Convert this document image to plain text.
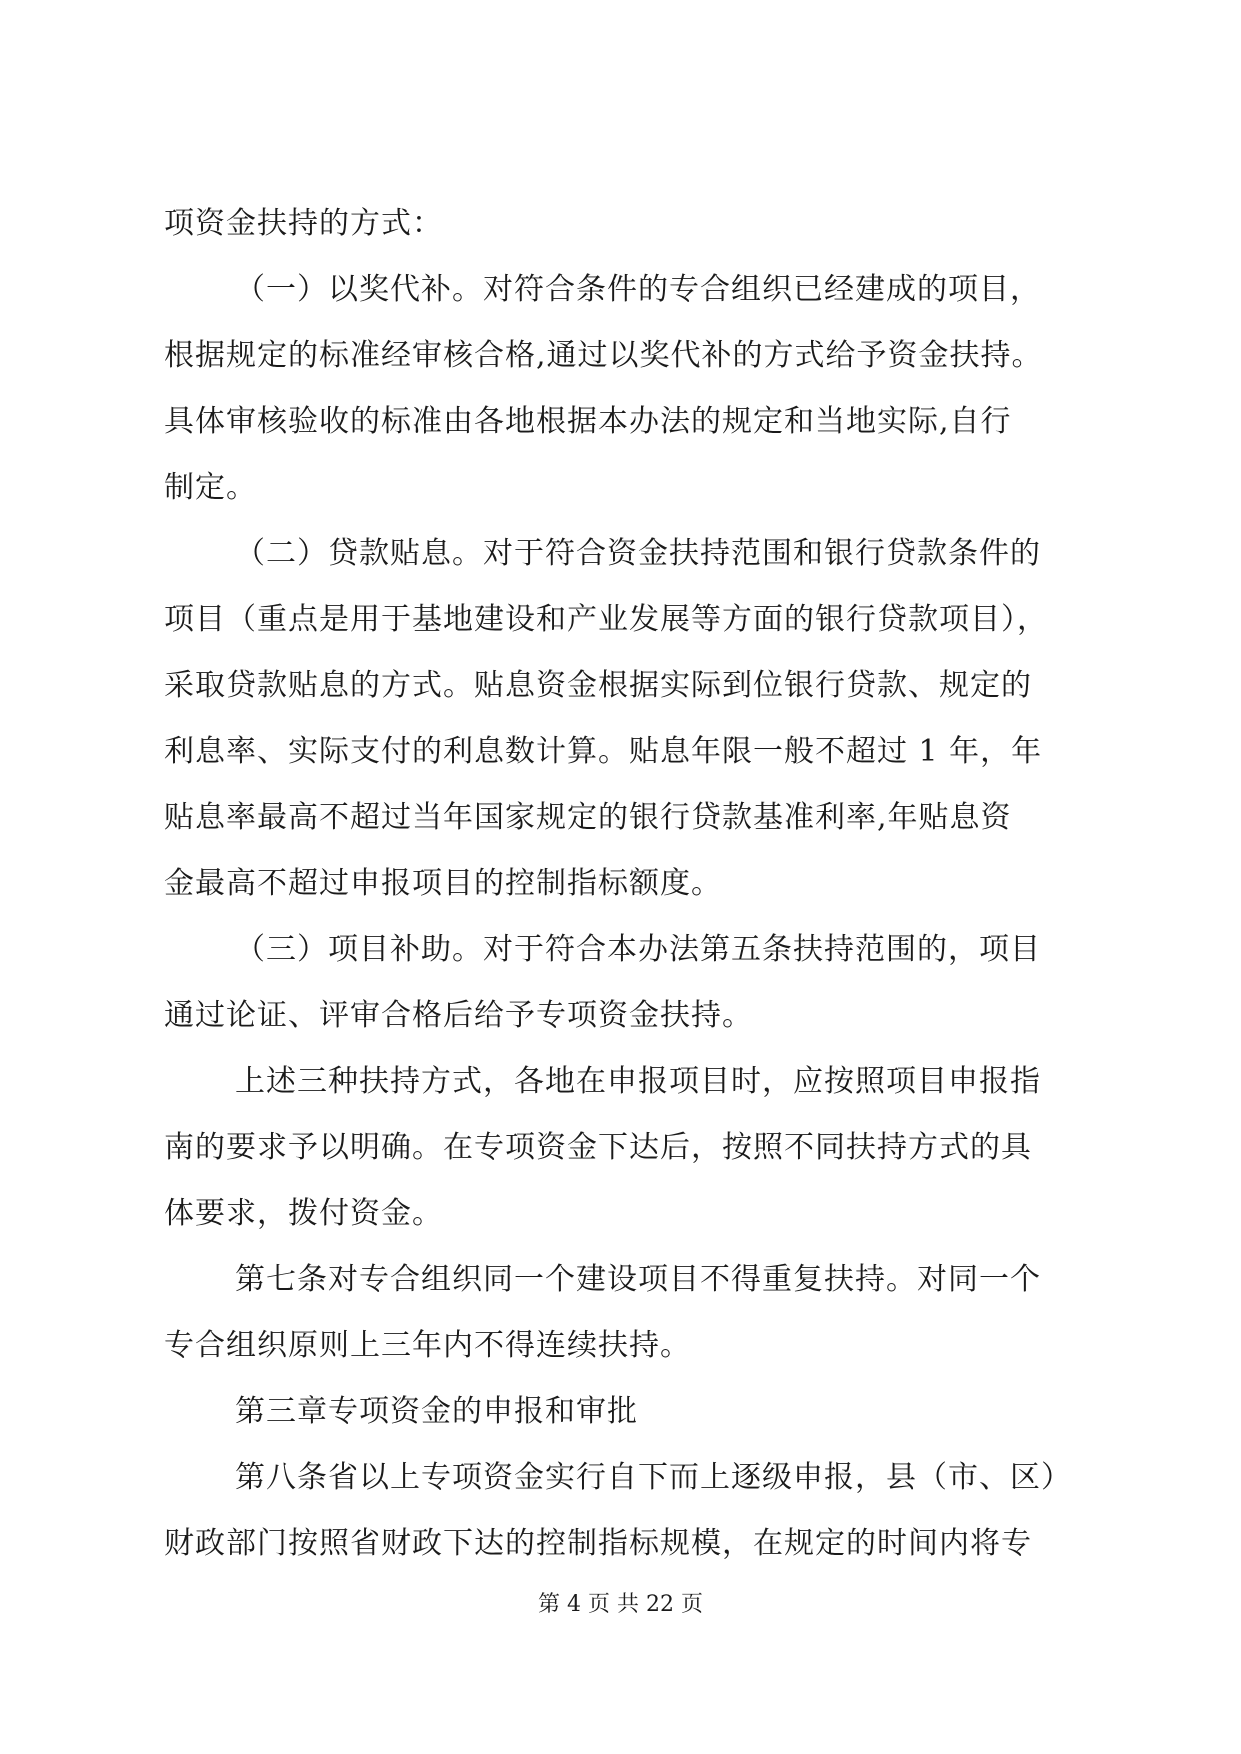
项资金扶持的方式：
（一）以奖代补。对符合条件的专合组织已经建成的项目，
根据规定的标准经审核合格,通过以奖代补的方式给予资金扶持。
具体审核验收的标准由各地根据本办法的规定和当地实际,自行
制定。
（二）贷款贴息。对于符合资金扶持范围和银行贷款条件的
项目（重点是用于基地建设和产业发展等方面的银行贷款项目），
采取贷款贴息的方式。贴息资金根据实际到位银行贷款、规定的
利息率、实际支付的利息数计算。贴息年限一般不超过 1 年，年
贴息率最高不超过当年国家规定的银行贷款基准利率,年贴息资
金最高不超过申报项目的控制指标额度。
（三）项目补助。对于符合本办法第五条扶持范围的，项目
通过论证、评审合格后给予专项资金扶持。
上述三种扶持方式，各地在申报项目时，应按照项目申报指
南的要求予以明确。在专项资金下达后，按照不同扶持方式的具
体要求，拨付资金。
第七条对专合组织同一个建设项目不得重复扶持。对同一个
专合组织原则上三年内不得连续扶持。
第三章专项资金的申报和审批
第八条省以上专项资金实行自下而上逐级申报，县（市、区）
财政部门按照省财政下达的控制指标规模，在规定的时间内将专
第 4 页 共 22 页
